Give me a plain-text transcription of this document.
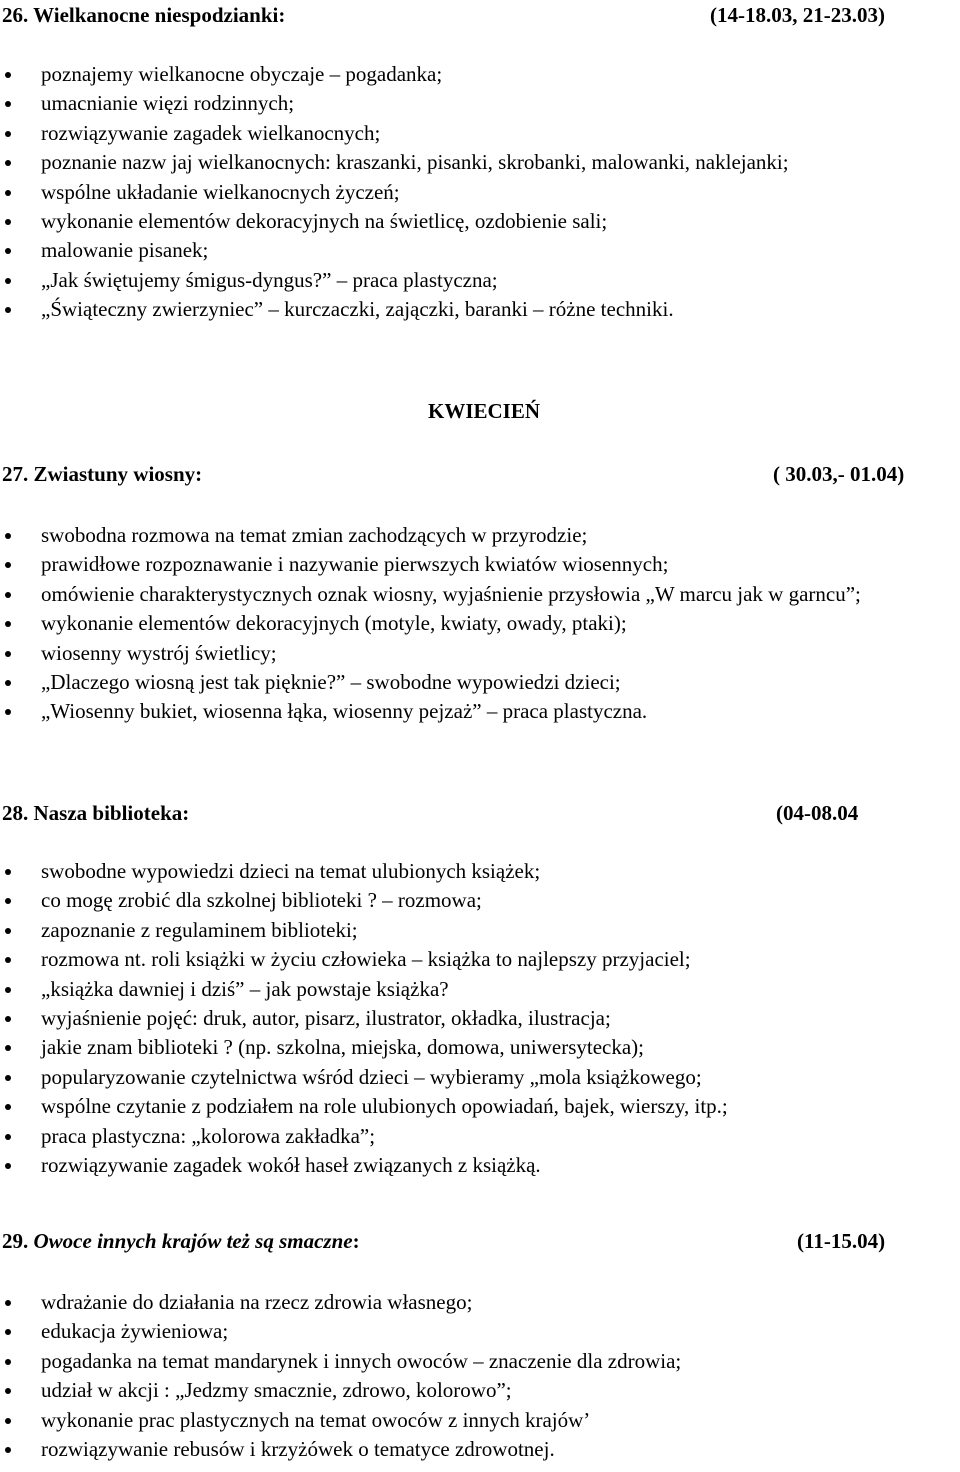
26. Wielkanocne niespodzianki:	(14-18.03, 21-23.03)
poznajemy wielkanocne obyczaje – pogadanka;
umacnianie więzi rodzinnych;
rozwiązywanie zagadek wielkanocnych;
poznanie nazw jaj wielkanocnych: kraszanki, pisanki, skrobanki, malowanki, naklejanki;
wspólne układanie wielkanocnych życzeń;
wykonanie elementów dekoracyjnych na świetlicę, ozdobienie sali;
malowanie pisanek;
„Jak świętujemy śmigus-dyngus?” – praca plastyczna;
„Świąteczny zwierzyniec” – kurczaczki, zajączki, baranki – różne techniki.
KWIECIEŃ
27. Zwiastuny wiosny:	( 30.03,- 01.04)
swobodna rozmowa na temat zmian zachodzących w przyrodzie;
prawidłowe rozpoznawanie i nazywanie pierwszych kwiatów wiosennych;
omówienie charakterystycznych oznak wiosny, wyjaśnienie przysłowia „W marcu jak w garncu”;
wykonanie elementów dekoracyjnych (motyle, kwiaty, owady, ptaki);
wiosenny wystrój świetlicy;
„Dlaczego wiosną jest tak pięknie?” – swobodne wypowiedzi dzieci;
„Wiosenny bukiet, wiosenna łąka, wiosenny pejzaż” – praca plastyczna.
28. Nasza biblioteka:	(04-08.04
swobodne wypowiedzi dzieci na temat ulubionych książek;
co mogę zrobić dla szkolnej biblioteki ? – rozmowa;
zapoznanie z regulaminem biblioteki;
rozmowa nt. roli książki w życiu człowieka – książka to najlepszy przyjaciel;
„książka dawniej i dziś” – jak powstaje książka?
wyjaśnienie pojęć: druk, autor, pisarz, ilustrator, okładka, ilustracja;
jakie znam biblioteki ? (np. szkolna, miejska, domowa, uniwersytecka);
popularyzowanie czytelnictwa wśród dzieci – wybieramy „mola książkowego;
wspólne czytanie z podziałem na role ulubionych opowiadań, bajek, wierszy, itp.;
praca plastyczna: „kolorowa zakładka”;
rozwiązywanie zagadek wokół haseł związanych z książką.
29. Owoce innych krajów też są smaczne:	(11-15.04)
wdrażanie do działania na rzecz zdrowia własnego;
edukacja żywieniowa;
pogadanka na temat mandarynek i innych owoców – znaczenie dla zdrowia;
udział w akcji : „Jedzmy smacznie, zdrowo, kolorowo”;
wykonanie prac plastycznych na temat owoców z innych krajów’
rozwiązywanie rebusów i krzyżówek o tematyce zdrowotnej.
